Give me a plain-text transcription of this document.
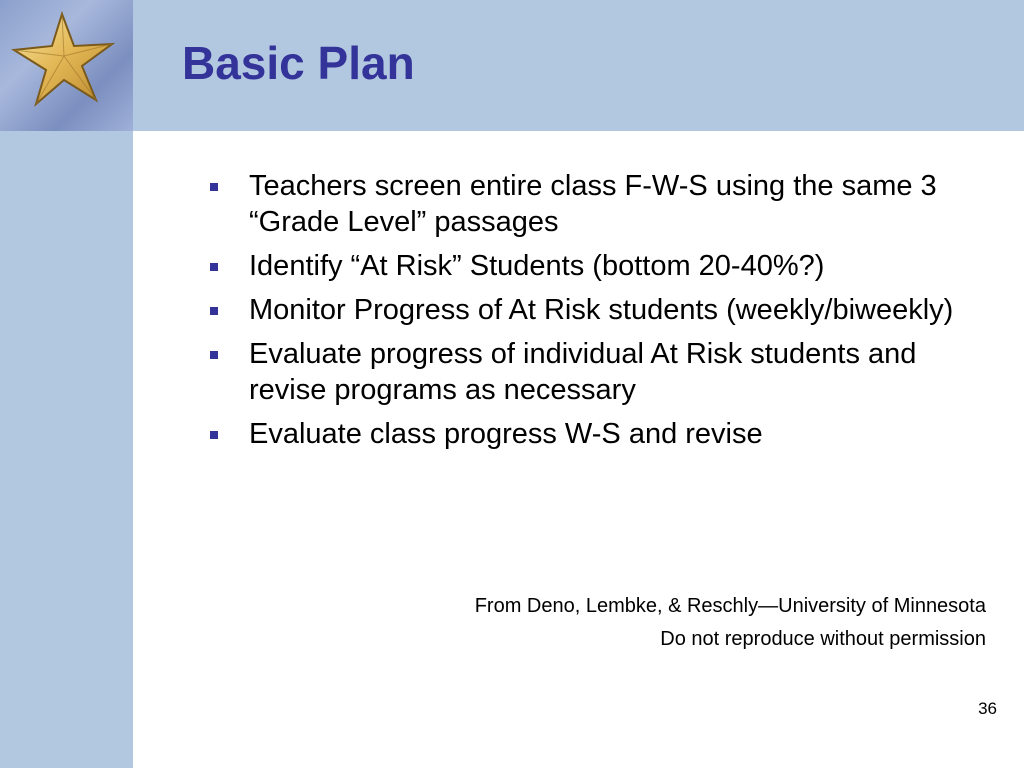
Basic Plan
Teachers screen entire class F-W-S using the same 3 “Grade Level” passages
Identify “At Risk” Students (bottom 20-40%?)
Monitor Progress of At Risk students (weekly/biweekly)
Evaluate progress of individual At Risk students and revise programs as necessary
Evaluate class progress W-S and revise
From Deno, Lembke, & Reschly—University of Minnesota
Do not reproduce without permission
36
